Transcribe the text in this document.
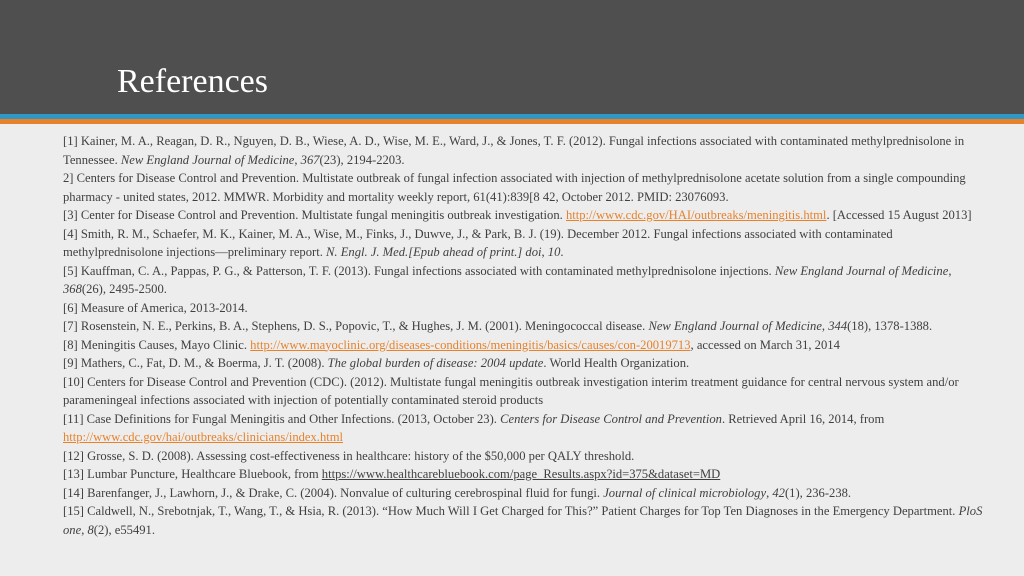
References

[1] Kainer, M. A., Reagan, D. R., Nguyen, D. B., Wiese, A. D., Wise, M. E., Ward, J., & Jones, T. F. (2012). Fungal infections associated with contaminated methylprednisolone in Tennessee. New England Journal of Medicine, 367(23), 2194-2203.

2] Centers for Disease Control and Prevention. Multistate outbreak of fungal infection associated with injection of methylprednisolone acetate solution from a single compounding pharmacy - united states, 2012. MMWR. Morbidity and mortality weekly report, 61(41):839[8 42, October 2012. PMID: 23076093.

[3] Center for Disease Control and Prevention. Multistate fungal meningitis outbreak investigation. http://www.cdc.gov/HAI/outbreaks/meningitis.html. [Accessed 15 August 2013]

[4] Smith, R. M., Schaefer, M. K., Kainer, M. A., Wise, M., Finks, J., Duwve, J., & Park, B. J. (19). December 2012. Fungal infections associated with contaminated methylprednisolone injections—preliminary report. N. Engl. J. Med.[Epub ahead of print.] doi, 10.

[5] Kauffman, C. A., Pappas, P. G., & Patterson, T. F. (2013). Fungal infections associated with contaminated methylprednisolone injections. New England Journal of Medicine, 368(26), 2495-2500.

[6] Measure of America, 2013-2014.

[7] Rosenstein, N. E., Perkins, B. A., Stephens, D. S., Popovic, T., & Hughes, J. M. (2001). Meningococcal disease. New England Journal of Medicine, 344(18), 1378-1388.

[8] Meningitis Causes, Mayo Clinic. http://www.mayoclinic.org/diseases-conditions/meningitis/basics/causes/con-20019713, accessed on March 31, 2014

[9] Mathers, C., Fat, D. M., & Boerma, J. T. (2008). The global burden of disease: 2004 update. World Health Organization.

[10] Centers for Disease Control and Prevention (CDC). (2012). Multistate fungal meningitis outbreak investigation interim treatment guidance for central nervous system and/or parameningeal infections associated with injection of potentially contaminated steroid products

[11] Case Definitions for Fungal Meningitis and Other Infections. (2013, October 23). Centers for Disease Control and Prevention. Retrieved April 16, 2014, from http://www.cdc.gov/hai/outbreaks/clinicians/index.html

[12] Grosse, S. D. (2008). Assessing cost-effectiveness in healthcare: history of the $50,000 per QALY threshold.

[13] Lumbar Puncture, Healthcare Bluebook, from https://www.healthcarebluebook.com/page_Results.aspx?id=375&dataset=MD

[14] Barenfanger, J., Lawhorn, J., & Drake, C. (2004). Nonvalue of culturing cerebrospinal fluid for fungi. Journal of clinical microbiology, 42(1), 236-238.

[15] Caldwell, N., Srebotnjak, T., Wang, T., & Hsia, R. (2013). “How Much Will I Get Charged for This?” Patient Charges for Top Ten Diagnoses in the Emergency Department. PloS one, 8(2), e55491.
